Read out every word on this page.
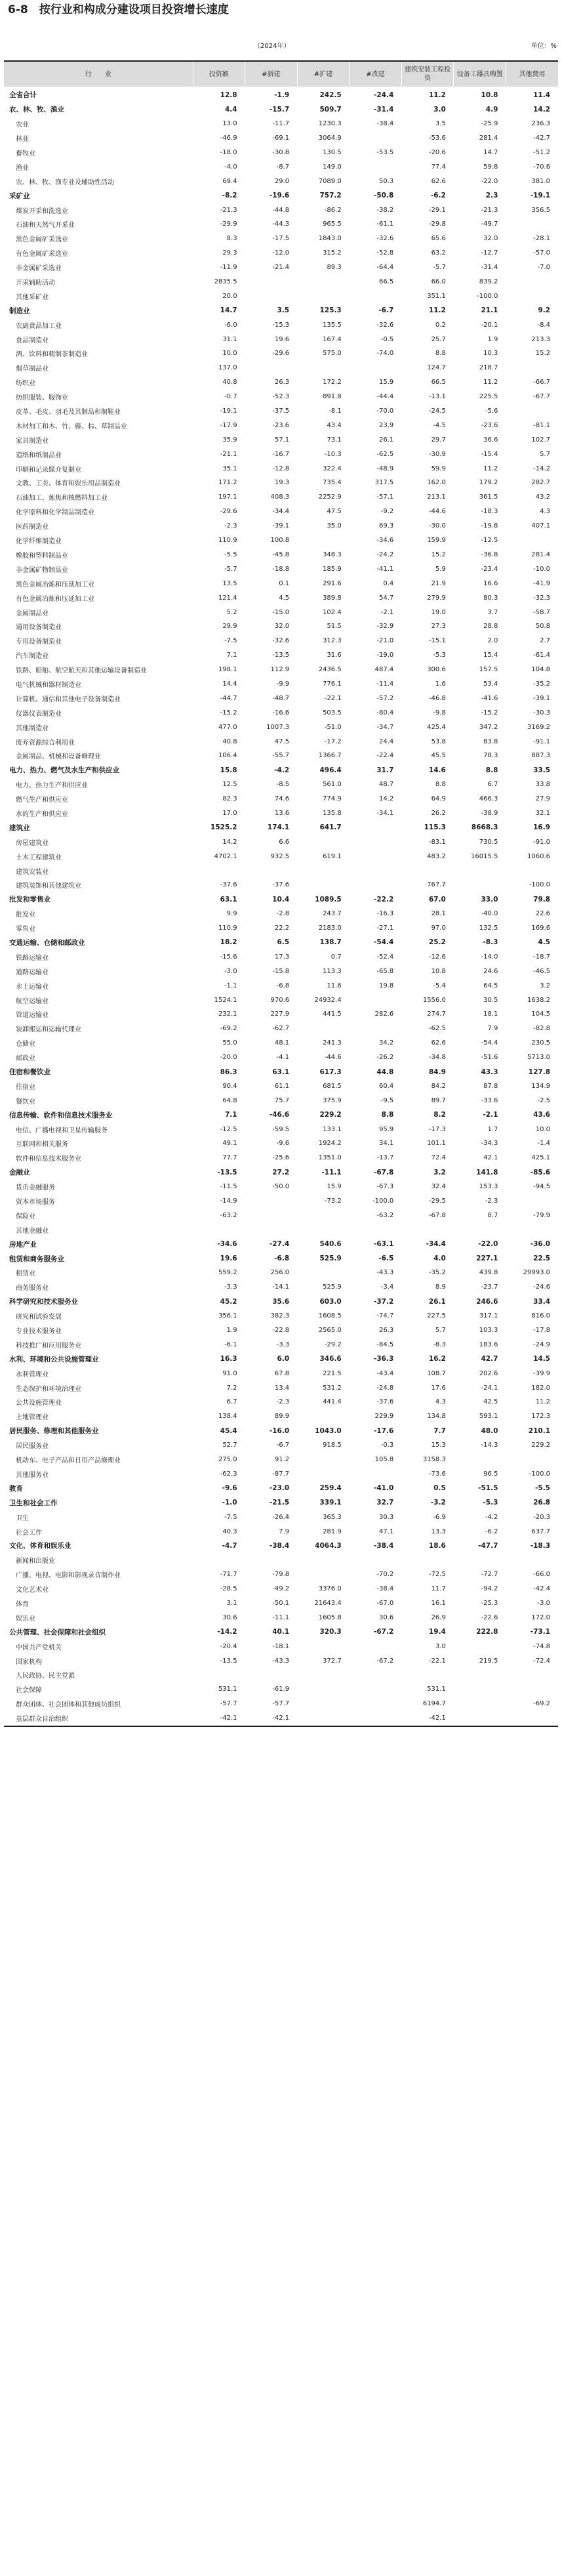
6-8　按行业和构成分建设项目投资增长速度
（2024年）	单位：%
行　　业	投资额	#新建	#扩建	#改建	建筑安装工程投资	设备工器具购置	其他费用
全省合计	12.8	-1.9	242.5	-24.4	11.2	10.8	11.4
农、林、牧、渔业	4.4	-15.7	509.7	-31.4	3.0	4.9	14.2
农业	13.0	-11.7	1230.3	-38.4	3.5	-25.9	236.3
林业	-46.9	-69.1	3064.9		-53.6	281.4	-42.7
畜牧业	-18.0	-30.8	130.5	-53.5	-20.6	14.7	-51.2
渔业	-4.0	-8.7	149.0		77.4	59.8	-70.6
农、林、牧、渔专业及辅助性活动	69.4	29.0	7089.0	50.3	62.6	-22.0	381.0
采矿业	-8.2	-19.6	757.2	-50.8	-6.2	2.3	-19.1
煤炭开采和洗选业	-21.3	-44.8	-86.2	-38.2	-29.1	-21.3	356.5
石油和天然气开采业	-29.9	-44.3	965.5	-61.1	-29.8	-49.7	
黑色金属矿采选业	8.3	-17.5	1843.0	-32.6	65.6	32.0	-28.1
有色金属矿采选业	29.3	-12.0	315.2	-52.8	63.2	-12.7	-57.0
非金属矿采选业	-11.9	-21.4	89.3	-64.4	-5.7	-31.4	-7.0
开采辅助活动	2835.5			66.5	66.0	839.2	
其他采矿业	20.0				351.1	-100.0	
制造业	14.7	3.5	125.3	-6.7	11.2	21.1	9.2
农副食品加工业	-6.0	-15.3	135.5	-32.6	0.2	-20.1	-8.4
食品制造业	31.1	19.6	167.4	-0.5	25.7	1.9	213.3
酒、饮料和精制茶制造业	10.0	-29.6	575.0	-74.0	8.8	10.3	15.2
烟草制品业	137.0				124.7	218.7	
纺织业	40.8	26.3	172.2	15.9	66.5	11.2	-66.7
纺织服装、服饰业	-0.7	-52.3	891.8	-44.4	-13.1	225.5	-67.7
皮革、毛皮、羽毛及其制品和制鞋业	-19.1	-37.5	-8.1	-70.0	-24.5	-5.6	
木材加工和木、竹、藤、棕、草制品业	-17.9	-23.6	43.4	23.9	-4.5	-23.6	-81.1
家具制造业	35.9	57.1	73.1	26.1	29.7	36.6	102.7
造纸和纸制品业	-21.1	-16.7	-10.3	-62.5	-30.9	-15.4	5.7
印刷和记录媒介复制业	35.1	-12.8	322.4	-48.9	59.9	11.2	-14.2
文教、工美、体育和娱乐用品制造业	171.2	19.3	735.4	317.5	162.0	179.2	282.7
石油加工、炼焦和核燃料加工业	197.1	408.3	2252.9	-57.1	213.1	361.5	43.2
化学原料和化学制品制造业	-29.6	-34.4	47.5	-9.2	-44.6	-18.3	4.3
医药制造业	-2.3	-39.1	35.0	69.3	-30.0	-19.8	407.1
化学纤维制造业	110.9	100.8		-34.6	159.9	-12.5	
橡胶和塑料制品业	-5.5	-45.8	348.3	-24.2	15.2	-36.8	281.4
非金属矿物制品业	-5.7	-18.8	185.9	-41.1	5.9	-23.4	-10.0
黑色金属冶炼和压延加工业	13.5	0.1	291.6	0.4	21.9	16.6	-41.9
有色金属冶炼和压延加工业	121.4	4.5	389.8	54.7	279.9	80.3	-32.3
金属制品业	5.2	-15.0	102.4	-2.1	19.0	3.7	-58.7
通用设备制造业	29.9	32.0	51.5	-32.9	27.3	28.8	50.8
专用设备制造业	-7.5	-32.6	312.3	-21.0	-15.1	2.0	2.7
汽车制造业	7.1	-13.5	31.6	-19.0	-5.3	15.4	-61.4
铁路、船舶、航空航天和其他运输设备制造业	198.1	112.9	2436.5	487.4	300.6	157.5	104.8
电气机械和器材制造业	14.4	-9.9	776.1	-11.4	1.6	53.4	-35.2
计算机、通信和其他电子设备制造业	-44.7	-48.7	-22.1	-57.2	-46.8	-41.6	-39.1
仪器仪表制造业	-15.2	-16.6	503.5	-80.4	-9.8	-15.2	-30.3
其他制造业	477.0	1007.3	-51.0	-34.7	425.4	347.2	3169.2
废弃资源综合利用业	40.8	47.5	-17.2	24.4	53.8	83.8	-91.1
金属制品、机械和设备修理业	106.4	-55.7	1366.7	-22.4	45.5	78.3	887.3
电力、热力、燃气及水生产和供应业	15.8	-4.2	496.4	31.7	14.6	8.8	33.5
电力、热力生产和供应业	12.5	-8.5	561.0	48.7	8.8	6.7	33.8
燃气生产和供应业	82.3	74.6	774.9	14.2	64.9	466.3	27.9
水的生产和供应业	17.0	13.6	135.8	-34.1	26.2	-38.9	32.1
建筑业	1525.2	174.1	641.7		115.3	8668.3	16.9
房屋建筑业	14.2	6.6			-83.1	730.5	-91.0
土木工程建筑业	4702.1	932.5	619.1		483.2	16015.5	1060.6
建筑安装业							
建筑装饰和其他建筑业	-37.6	-37.6			767.7		-100.0
批发和零售业	63.1	10.4	1089.5	-22.2	67.0	33.0	79.8
批发业	9.9	-2.8	243.7	-16.3	28.1	-40.0	22.6
零售业	110.9	22.2	2183.0	-27.1	97.0	132.5	169.6
交通运输、仓储和邮政业	18.2	6.5	138.7	-54.4	25.2	-8.3	4.5
铁路运输业	-15.6	17.3	0.7	-52.4	-12.6	-14.0	-18.7
道路运输业	-3.0	-15.8	113.3	-65.8	10.8	24.6	-46.5
水上运输业	-1.1	-6.8	11.6	19.8	-5.4	64.5	3.2
航空运输业	1524.1	970.6	24932.4		1556.0	30.5	1638.2
管道运输业	232.1	227.9	441.5	282.6	274.7	18.1	104.5
装卸搬运和运输代理业	-69.2	-62.7			-62.5	7.9	-82.8
仓储业	55.0	48.1	241.3	34.2	62.6	-54.4	230.5
邮政业	-20.0	-4.1	-44.6	-26.2	-34.8	-51.6	5713.0
住宿和餐饮业	86.3	63.1	617.3	44.8	84.9	43.3	127.8
住宿业	90.4	61.1	681.5	60.4	84.2	87.8	134.9
餐饮业	64.8	75.7	375.9	-9.5	89.7	-33.6	-2.5
信息传输、软件和信息技术服务业	7.1	-46.6	229.2	8.8	8.2	-2.1	43.6
电信、广播电视和卫星传输服务	-12.5	-59.5	133.1	95.9	-17.3	1.7	10.0
互联网和相关服务	49.1	-9.6	1924.2	34.1	101.1	-34.3	-1.4
软件和信息技术服务业	77.7	-25.6	1351.0	-13.7	72.4	42.1	425.1
金融业	-13.5	27.2	-11.1	-67.8	3.2	141.8	-85.6
货币金融服务	-11.5	-50.0	15.9	-67.3	32.4	153.3	-94.5
资本市场服务	-14.9		-73.2	-100.0	-29.5	-2.3	
保险业	-63.2			-63.2	-67.8	8.7	-79.9
其他金融业							
房地产业	-34.6	-27.4	540.6	-63.1	-34.4	-22.0	-36.0
租赁和商务服务业	19.6	-6.8	525.9	-6.5	4.0	227.1	22.5
租赁业	559.2	256.0		-43.3	-35.2	439.8	29993.0
商务服务业	-3.3	-14.1	525.9	-3.4	8.9	-23.7	-24.6
科学研究和技术服务业	45.2	35.6	603.0	-37.2	26.1	246.6	33.4
研究和试验发展	356.1	382.3	1608.5	-74.7	227.5	317.1	816.0
专业技术服务业	1.9	-22.8	2565.0	26.3	5.7	103.3	-17.8
科技推广和应用服务业	-6.1	-3.3	-29.2	-84.5	-8.3	183.6	-24.9
水利、环境和公共设施管理业	16.3	6.0	346.6	-36.3	16.2	42.7	14.5
水利管理业	91.0	67.8	221.5	-43.4	108.7	202.6	-39.9
生态保护和环境治理业	7.2	13.4	531.2	-24.8	17.6	-24.1	182.0
公共设施管理业	6.7	-2.3	441.4	-37.6	4.3	42.5	11.2
土地管理业	138.4	89.9		229.9	134.8	593.1	172.3
居民服务、修理和其他服务业	45.4	-16.0	1043.0	-17.6	7.7	48.0	210.1
居民服务业	52.7	-6.7	918.5	-0.3	15.3	-14.3	229.2
机动车、电子产品和日用产品修理业	275.0	91.2		105.8	3158.3		
其他服务业	-62.3	-87.7			-73.6	96.5	-100.0
教育	-9.6	-23.0	259.4	-41.0	0.5	-51.5	-5.5
卫生和社会工作	-1.0	-21.5	339.1	32.7	-3.2	-5.3	26.8
卫生	-7.5	-26.4	365.3	30.3	-6.9	-4.2	-20.3
社会工作	40.3	7.9	281.9	47.1	13.3	-6.2	637.7
文化、体育和娱乐业	-4.7	-38.4	4064.3	-38.4	18.6	-47.7	-18.3
新闻和出版业							
广播、电视、电影和影视录音制作业	-71.7	-79.8		-70.2	-72.5	-72.7	-66.0
文化艺术业	-28.5	-49.2	3376.0	-38.4	11.7	-94.2	-42.4
体育	3.1	-50.1	21643.4	-67.0	16.1	-25.3	-3.0
娱乐业	30.6	-11.1	1605.8	30.6	26.9	-22.6	172.0
公共管理、社会保障和社会组织	-14.2	40.1	320.3	-67.2	19.4	222.8	-73.1
中国共产党机关	-20.4	-18.1			3.0		-74.8
国家机构	-13.5	-43.3	372.7	-67.2	-22.1	219.5	-72.4
人民政协、民主党派							
社会保障	531.1	-61.9			531.1		
群众团体、社会团体和其他成员组织	-57.7	-57.7			6194.7		-69.2
基层群众自治组织	-42.1	-42.1			-42.1		
